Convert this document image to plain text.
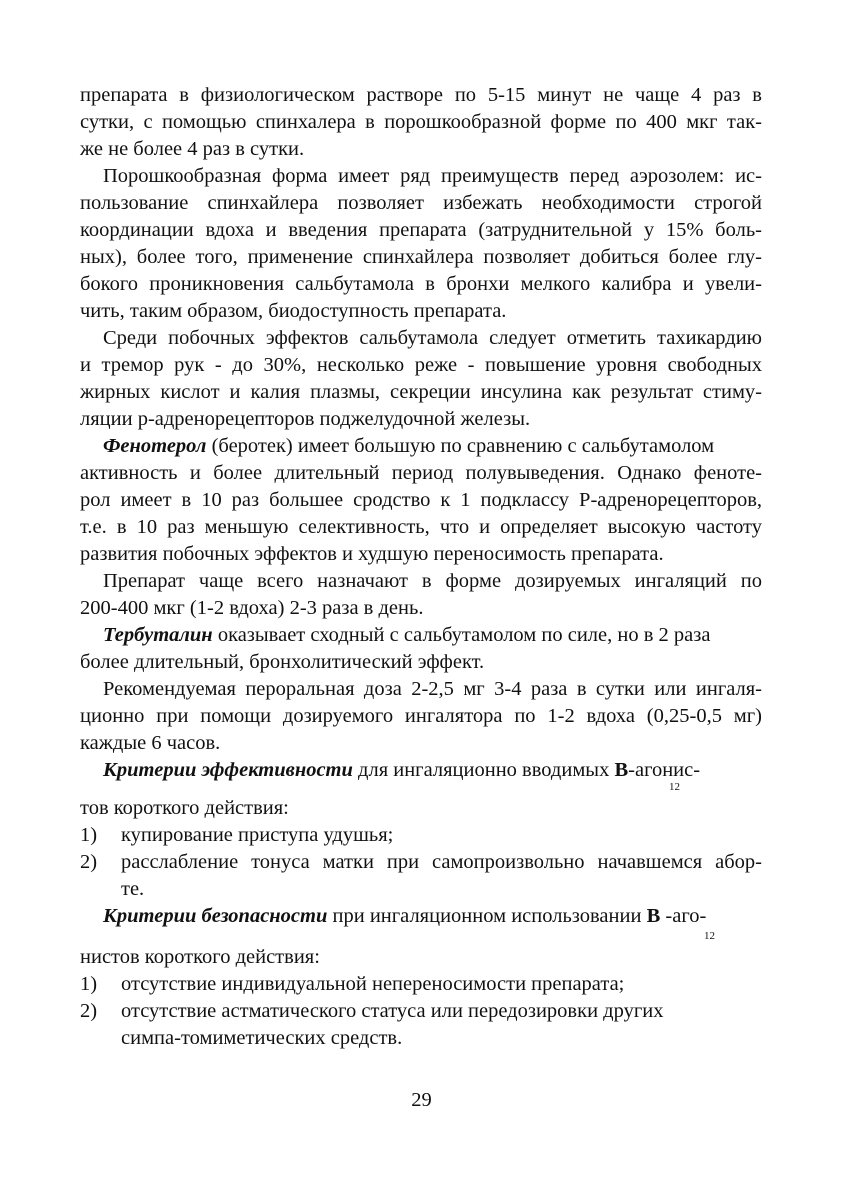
препарата в физиологическом растворе по 5-15 минут не чаще 4 раз в
сутки, с помощью спинхалера в порошкообразной форме по 400 мкг так-
же не более 4 раз в сутки.
Порошкообразная форма имеет ряд преимуществ перед аэрозолем: ис-
пользование спинхайлера позволяет избежать необходимости строгой
координации вдоха и введения препарата (затруднительной у 15% боль-
ных), более того, применение спинхайлера позволяет добиться более глу-
бокого проникновения сальбутамола в бронхи мелкого калибра и увели-
чить, таким образом, биодоступность препарата.
Среди побочных эффектов сальбутамола следует отметить тахикардию
и тремор рук - до 30%, несколько реже - повышение уровня свободных
жирных кислот и калия плазмы, секреции инсулина как результат стиму-
ляции р-адренорецепторов поджелудочной железы.
Фенотерол (беротек) имеет большую по сравнению с сальбутамолом
активность и более длительный период полувыведения. Однако феноте-
рол имеет в 10 раз большее сродство к 1 подклассу Р-адренорецепторов,
т.е. в 10 раз меньшую селективность, что и определяет высокую частоту
развития побочных эффектов и худшую переносимость препарата.
Препарат чаще всего назначают в форме дозируемых ингаляций по
200-400 мкг (1-2 вдоха) 2-3 раза в день.
Тербуталин оказывает сходный с сальбутамолом по силе, но в 2 раза
более длительный, бронхолитический эффект.
Рекомендуемая пероральная доза 2-2,5 мг 3-4 раза в сутки или ингаля-
ционно при помощи дозируемого ингалятора по 1-2 вдоха (0,25-0,5 мг)
каждые 6 часов.
Критерии эффективности для ингаляционно вводимых В-агонис-
12
тов короткого действия:
1)	купирование приступа удушья;
2)	расслабление тонуса матки при самопроизвольно начавшемся абор-
те.
Критерии безопасности при ингаляционном использовании В -аго-
12
нистов короткого действия:
1)	отсутствие индивидуальной непереносимости препарата;
2)	отсутствие астматического статуса или передозировки других
симпа-томиметических средств.
29
